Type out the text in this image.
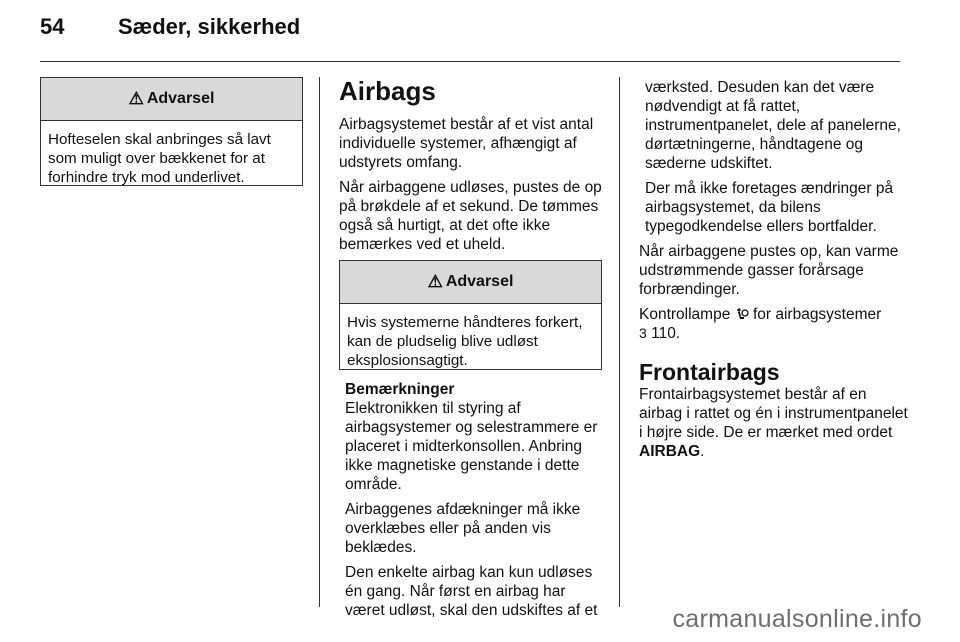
54 Sæder, sikkerhed
⚠ Advarsel
Hofteselen skal anbringes så lavt som muligt over bækkenet for at forhindre tryk mod underlivet.
Airbags

Airbagsystemet består af et vist antal individuelle systemer, afhængigt af udstyrets omfang.

Når airbaggene udløses, pustes de op på brøkdele af et sekund. De tømmes også så hurtigt, at det ofte ikke bemærkes ved et uheld.

⚠ Advarsel
Hvis systemerne håndteres forkert, kan de pludselig blive udløst eksplosionsagtigt.
Bemærkninger

Elektronikken til styring af airbagsystemer og selestrammere er placeret i midterkonsollen. Anbring ikke magnetiske genstande i dette område.

Airbaggenes afdækninger må ikke overklæbes eller på anden vis beklædes.

Den enkelte airbag kan kun udløses én gang. Når først en airbag har været udløst, skal den udskiftes af et

værksted. Desuden kan det være nødvendigt at få rattet, instrumentpanelet, dele af panelerne, dørtætningerne, håndtagene og sæderne udskiftet.
Der må ikke foretages ændringer på airbagsystemet, da bilens typegodkendelse ellers bortfalder.

Når airbaggene pustes op, kan varme udstrømmende gasser forårsage forbrændinger.

Kontrollampe for airbagsystemer
3 110.

Frontairbags

Frontairbagsystemet består af en airbag i rattet og én i instrumentpanelet i højre side. De er mærket med ordet
AIRBAG.

carmanualsonline.info
